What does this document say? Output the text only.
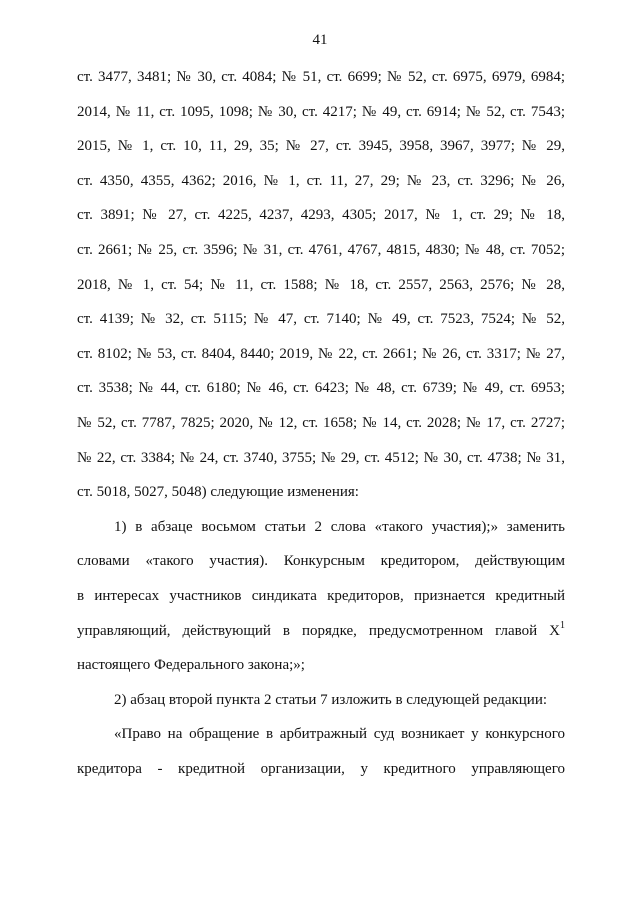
41
ст. 3477, 3481; № 30, ст. 4084; № 51, ст. 6699; № 52, ст. 6975, 6979, 6984;
2014, № 11, ст. 1095, 1098; № 30, ст. 4217; № 49, ст. 6914; № 52, ст. 7543;
2015, № 1, ст. 10, 11, 29, 35; № 27, ст. 3945, 3958, 3967, 3977; № 29,
ст. 4350, 4355, 4362; 2016, № 1, ст. 11, 27, 29; № 23, ст. 3296; № 26,
ст. 3891; № 27, ст. 4225, 4237, 4293, 4305; 2017, № 1, ст. 29; № 18,
ст. 2661; № 25, ст. 3596; № 31, ст. 4761, 4767, 4815, 4830; № 48, ст. 7052;
2018, № 1, ст. 54; № 11, ст. 1588; № 18, ст. 2557, 2563, 2576; № 28,
ст. 4139; № 32, ст. 5115; № 47, ст. 7140; № 49, ст. 7523, 7524; № 52,
ст. 8102; № 53, ст. 8404, 8440; 2019, № 22, ст. 2661; № 26, ст. 3317; № 27,
ст. 3538; № 44, ст. 6180; № 46, ст. 6423; № 48, ст. 6739; № 49, ст. 6953;
№ 52, ст. 7787, 7825; 2020, № 12, ст. 1658; № 14, ст. 2028; № 17, ст. 2727;
№ 22, ст. 3384; № 24, ст. 3740, 3755; № 29, ст. 4512; № 30, ст. 4738; № 31,
ст. 5018, 5027, 5048) следующие изменения:
1) в абзаце восьмом статьи 2 слова «такого участия);» заменить
словами «такого участия). Конкурсным кредитором, действующим
в интересах участников синдиката кредиторов, признается кредитный
управляющий, действующий в порядке, предусмотренном главой $X^1$
настоящего Федерального закона;»;
2) абзац второй пункта 2 статьи 7 изложить в следующей редакции:
«Право на обращение в арбитражный суд возникает у конкурсного
кредитора - кредитной организации, у кредитного управляющего
